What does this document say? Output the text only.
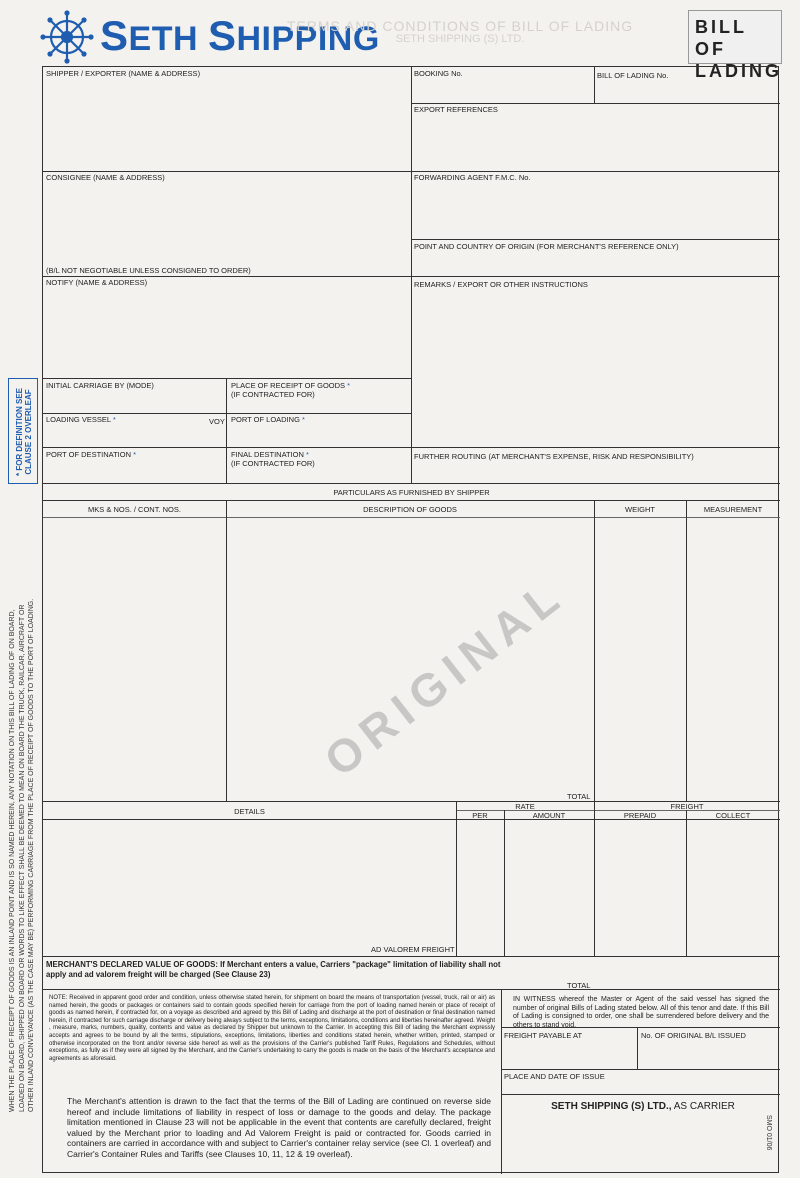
SETH SHIPPING
TERMS AND CONDITIONS OF BILL OF LADING
SETH SHIPPING (S) LTD.
BILL OF
LADING
* FOR DEFINITION SEE CLAUSE 2 OVERLEAF
WHEN THE PLACE OF RECEIPT OF GOODS IS AN INLAND POINT AND IS SO NAMED HEREIN, ANY NOTATION ON THIS BILL OF LADING OF ON BOARD, LOADED ON BOARD, SHIPPED ON BOARD OR WORDS TO LIKE EFFECT SHALL BE DEEMED TO MEAN ON BOARD THE TRUCK, RAILCAR, AIRCRAFT OR OTHER INLAND CONVEYANCE (AS THE CASE MAY BE) PERFORMING CARRIAGE FROM THE PLACE OF RECEIPT OF GOODS TO THE PORT OF LOADING.
SHIPPER / EXPORTER (NAME & ADDRESS)	BOOKING No.	BILL OF LADING No.
EXPORT REFERENCES
CONSIGNEE (NAME & ADDRESS)	FORWARDING AGENT F.M.C. No.
POINT AND COUNTRY OF ORIGIN (FOR MERCHANT'S REFERENCE ONLY)
(B/L NOT NEGOTIABLE UNLESS CONSIGNED TO ORDER)
NOTIFY (NAME & ADDRESS)	REMARKS / EXPORT OR OTHER INSTRUCTIONS
INITIAL CARRIAGE BY (MODE)	PLACE OF RECEIPT OF GOODS *
(IF CONTRACTED FOR)
LOADING VESSEL *	VOY PORT OF LOADING *
PORT OF DESTINATION *	FINAL DESTINATION *
(IF CONTRACTED FOR)
FURTHER ROUTING (AT MERCHANT'S EXPENSE, RISK AND RESPONSIBILITY)
PARTICULARS AS FURNISHED BY SHIPPER
MKS & NOS. / CONT. NOS.	DESCRIPTION OF GOODS	WEIGHT	MEASUREMENT
TOTAL
DETAILS
RATE	FREIGHT
PER	AMOUNT	PREPAID	COLLECT
AD VALOREM FREIGHT
MERCHANT'S DECLARED VALUE OF GOODS: If Merchant enters a value, Carriers "package" limitation of liability shall not apply and ad valorem freight will be charged (See Clause 23)
TOTAL
NOTE: Received in apparent good order and condition, unless otherwise stated herein, for shipment on board the means of transportation (vessel, truck, rail or air) as named herein, the goods or packages or containers said to contain goods specified herein for carriage from the port of loading named herein or place of receipt of goods as named herein, if contracted for, on a voyage as described and agreed by this Bill of Lading and discharge at the port of destination or final destination named herein, if contracted for such carriage discharge or delivery being always subject to the terms, exceptions, limitations, conditions and liberties hereinafter agreed. Weight , measure, marks, numbers, quality, contents and value as declared by Shipper but unknown to the Carrier. In accepting this Bill of lading the Merchant expressly accepts and agrees to be bound by all the terms, stipulations, exceptions, limitations, liberties and conditions stated herein, whether written, printed, stamped or otherwise incorporated on the front and/or reverse side hereof as well as the provisions of the Carrier's published Tariff Rules, Regulations and Schedules, without exceptions, as fully as if they were all signed by the Merchant, and the Carrier's undertaking to carry the goods is made on the basis of the Merchant's acceptance and agreements as aforesaid.
IN WITNESS whereof the Master or Agent of the said vessel has signed the number of original Bills of Lading stated below. All of this tenor and date. If this Bill of Lading is consigned to order, one shall be surrendered before delivery and the others to stand void.
FREIGHT PAYABLE AT	No. OF ORIGINAL B/L ISSUED
PLACE AND DATE OF ISSUE
The Merchant's attention is drawn to the fact that the terms of the Bill of Lading are continued on reverse side hereof and include limitations of liability in respect of loss or damage to the goods and delay. The package limitation mentioned in Clause 23 will not be applicable in the event that contents are carefully declared, freight valued by the Merchant prior to loading and Ad Valorem Freight is paid or contracted for. Goods carried in containers are carried in accordance with and subject to Carrier's container relay service (see Cl. 1 overleaf) and Carrier's Container Rules and Tariffs (see Clauses 10, 11, 12 & 19 overleaf).
SETH SHIPPING (S) LTD., AS CARRIER
ORIGINAL
SMO 01/06
